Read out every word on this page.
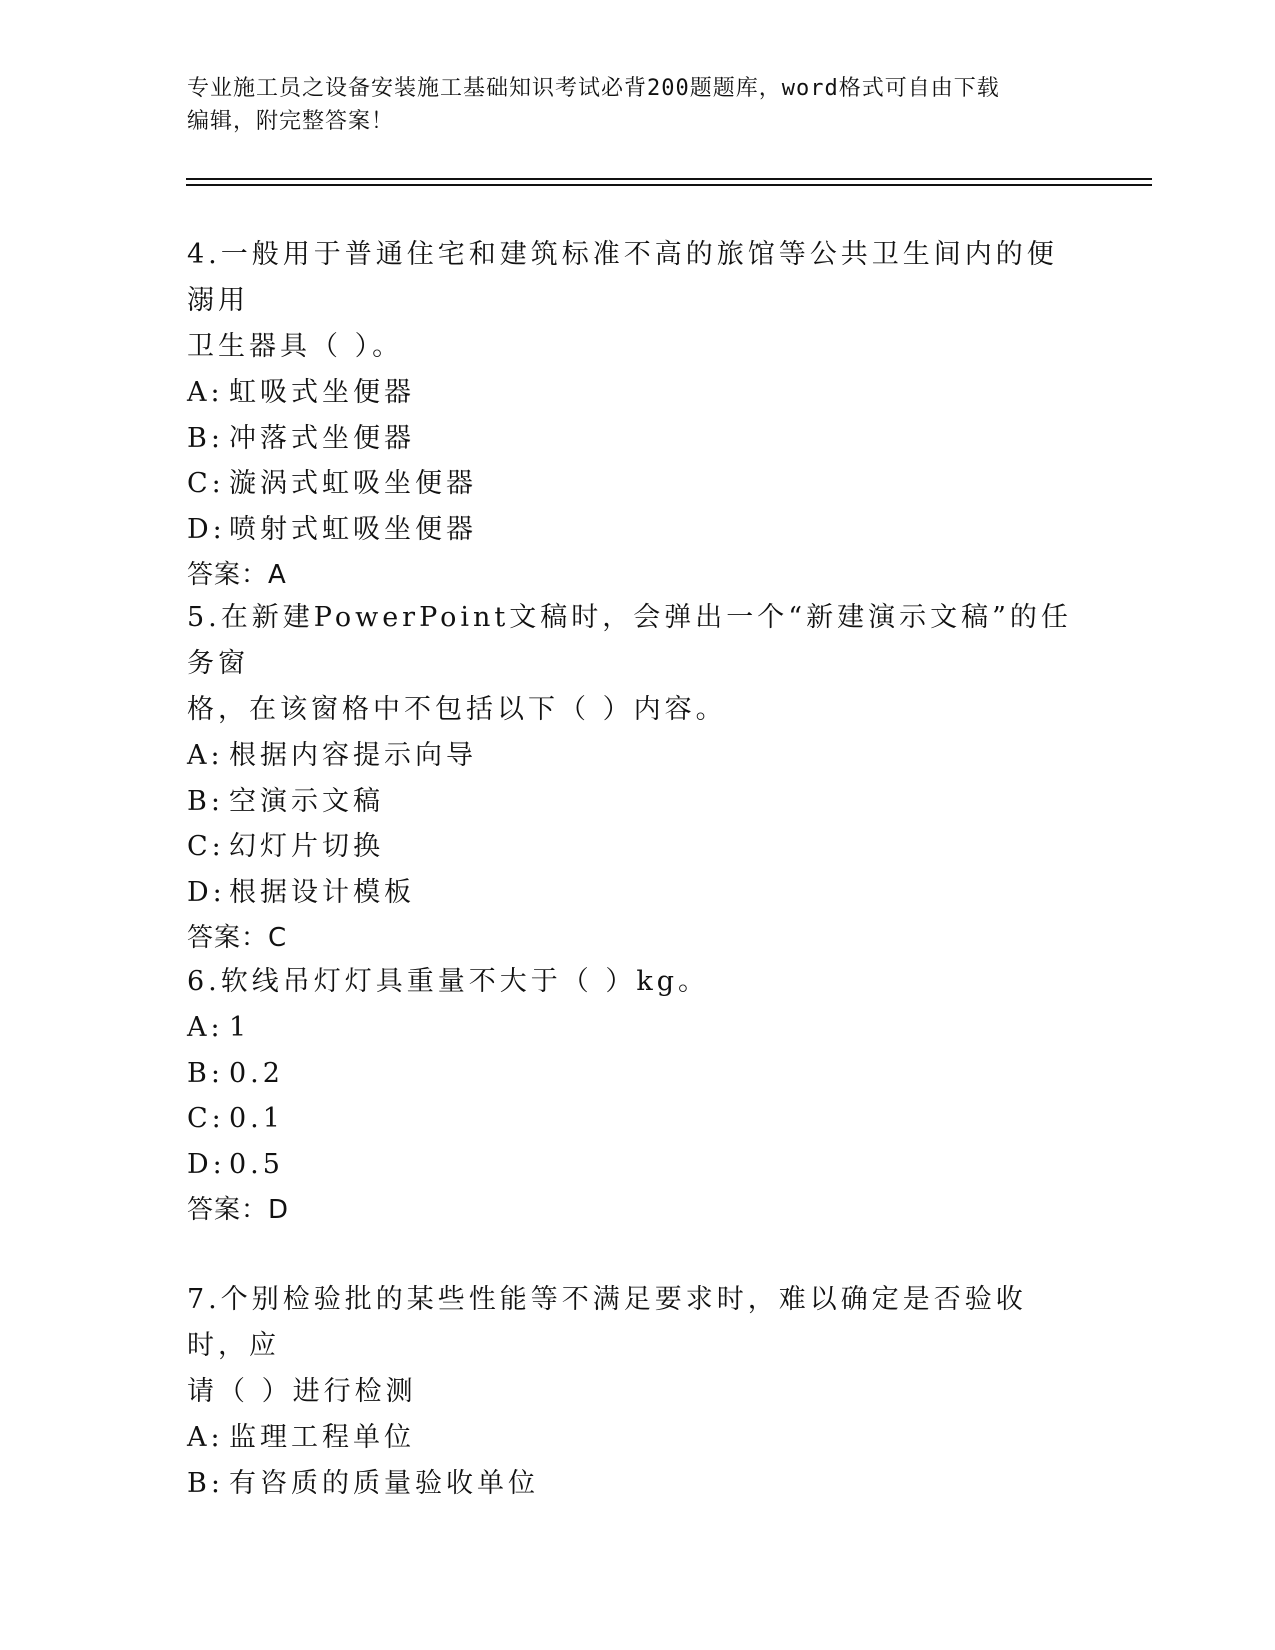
专业施工员之设备安装施工基础知识考试必背200题题库，word格式可自由下载
编辑，附完整答案！

4.一般用于普通住宅和建筑标准不高的旅馆等公共卫生间内的便溺用

卫生器具（ ）。

A: 虹吸式坐便器

B: 冲落式坐便器

C: 漩涡式虹吸坐便器

D: 喷射式虹吸坐便器

答案：A

5.在新建PowerPoint文稿时，会弹出一个“新建演示文稿”的任务窗

格，在该窗格中不包括以下（ ）内容。

A: 根据内容提示向导

B: 空演示文稿

C: 幻灯片切换

D: 根据设计模板

答案：C

6.软线吊灯灯具重量不大于（ ）kg。

A: 1

B: 0.2

C: 0.1

D: 0.5

答案：D

7.个别检验批的某些性能等不满足要求时，难以确定是否验收时，应

请（ ）进行检测

A: 监理工程单位

B: 有咨质的质量验收单位
